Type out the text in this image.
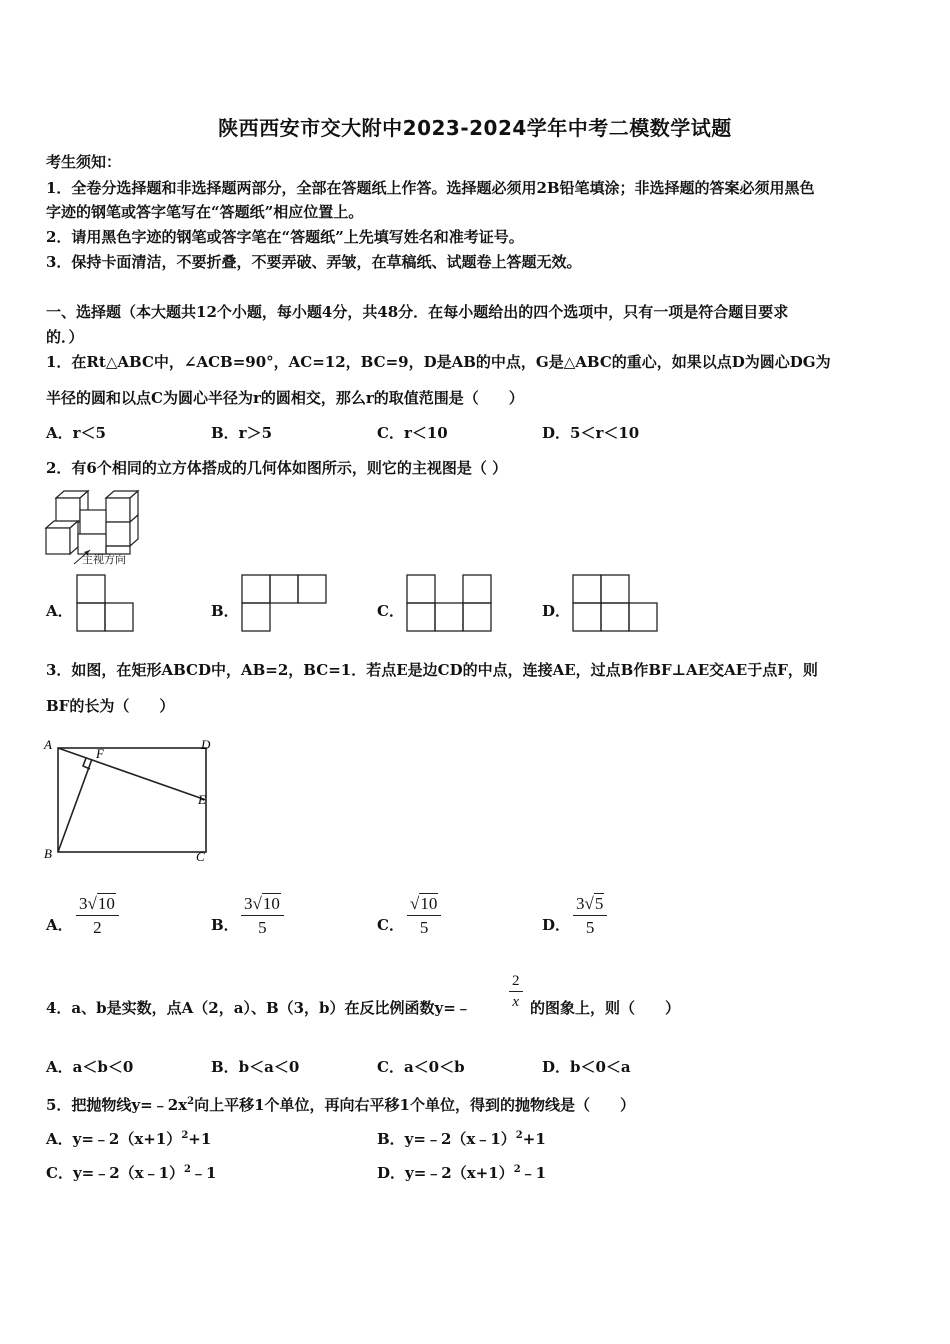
陕西西安市交大附中2023-2024学年中考二模数学试题
考生须知：
1．全卷分选择题和非选择题两部分，全部在答题纸上作答。选择题必须用2B铅笔填涂；非选择题的答案必须用黑色
字迹的钢笔或答字笔写在“答题纸”相应位置上。
2．请用黑色字迹的钢笔或答字笔在“答题纸”上先填写姓名和准考证号。
3．保持卡面清洁，不要折叠，不要弄破、弄皱，在草稿纸、试题卷上答题无效。
一、选择题（本大题共12个小题，每小题4分，共48分．在每小题给出的四个选项中，只有一项是符合题目要求
的．）
1．在Rt△ABC中，∠ACB=90°，AC=12，BC=9，D是AB的中点，G是△ABC的重心，如果以点D为圆心DG为
半径的圆和以点C为圆心半径为r的圆相交，那么r的取值范围是（　　）
A．r＜5	B．r＞5	C．r＜10	D．5＜r＜10
2．有6个相同的立方体搭成的几何体如图所示，则它的主视图是（ ）
主视方向
A．	B．	C．	D．
3．如图，在矩形ABCD中，AB=2，BC=1．若点E是边CD的中点，连接AE，过点B作BF⊥AE交AE于点F，则
BF的长为（　　）
A	D
F
E
B	C
A． $\frac{3√10}{2}$	B． $\frac{3√10}{5}$	C． $\frac{√10}{5}$	D． $\frac{3√5}{5}$
4．a、b是实数，点A（2，a）、B（3，b）在反比例函数y=﹣	$\frac{2}{x}$ 的图象上，则（　　）
A．a＜b＜0	B．b＜a＜0	C．a＜0＜b	D．b＜0＜a
5．把抛物线$y=﹣2x^2$向上平移1个单位，再向右平移1个单位，得到的抛物线是（　　）
A．$y=﹣2(x+1)^2+1$	B．y=﹣2（x﹣1）$^2$+1
C．y=﹣2（x﹣1）$^2$﹣1	D．$y=﹣2(x+1)^2﹣1$
